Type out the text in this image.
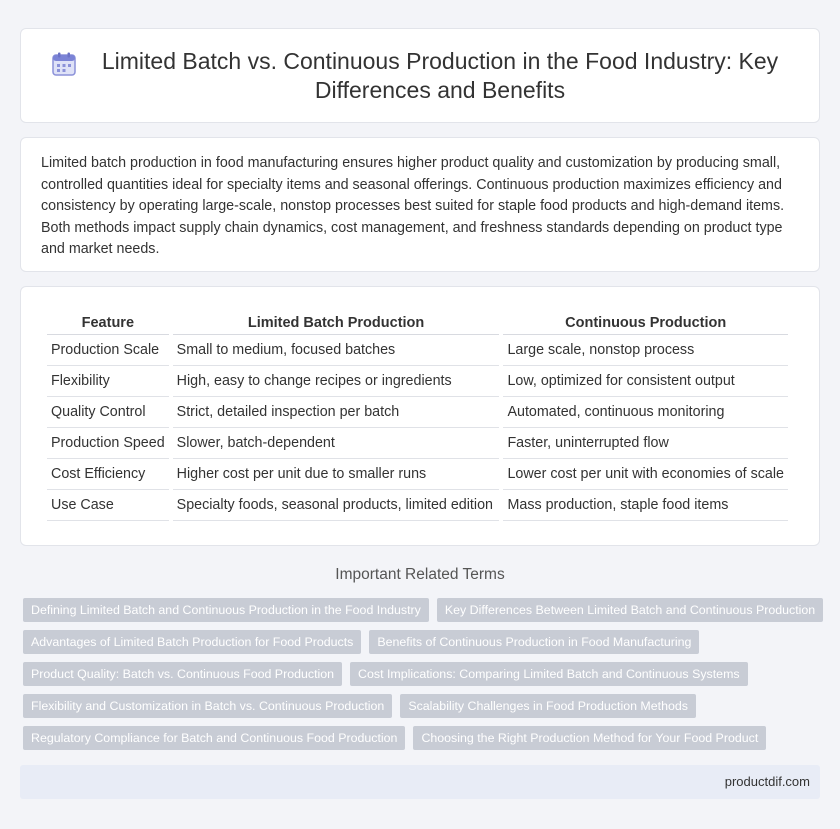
Limited Batch vs. Continuous Production in the Food Industry: Key Differences and Benefits

Limited batch production in food manufacturing ensures higher product quality and customization by producing small, controlled quantities ideal for specialty items and seasonal offerings. Continuous production maximizes efficiency and consistency by operating large-scale, nonstop processes best suited for staple food products and high-demand items. Both methods impact supply chain dynamics, cost management, and freshness standards depending on product type and market needs.

Feature	Limited Batch Production	Continuous Production
Production Scale	Small to medium, focused batches	Large scale, nonstop process
Flexibility	High, easy to change recipes or ingredients	Low, optimized for consistent output
Quality Control	Strict, detailed inspection per batch	Automated, continuous monitoring
Production Speed	Slower, batch-dependent	Faster, uninterrupted flow
Cost Efficiency	Higher cost per unit due to smaller runs	Lower cost per unit with economies of scale
Use Case	Specialty foods, seasonal products, limited edition	Mass production, staple food items
Important Related Terms
Defining Limited Batch and Continuous Production in the Food Industry	Key Differences Between Limited Batch and Continuous Production
Advantages of Limited Batch Production for Food Products	Benefits of Continuous Production in Food Manufacturing
Product Quality: Batch vs. Continuous Food Production	Cost Implications: Comparing Limited Batch and Continuous Systems
Flexibility and Customization in Batch vs. Continuous Production	Scalability Challenges in Food Production Methods
Regulatory Compliance for Batch and Continuous Food Production	Choosing the Right Production Method for Your Food Product
productdif.com
